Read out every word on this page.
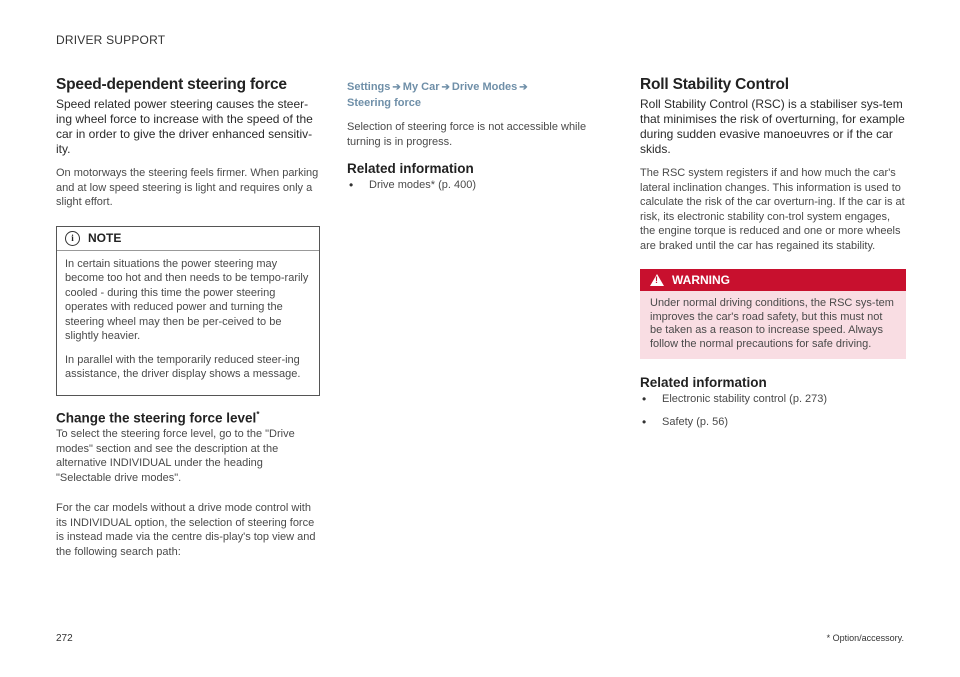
DRIVER SUPPORT
Speed-dependent steering force

Speed related power steering causes the steer-ing wheel force to increase with the speed of the car in order to give the driver enhanced sensitiv-ity.

On motorways the steering feels firmer. When parking and at low speed steering is light and requires only a slight effort.

i	NOTE

In certain situations the power steering may become too hot and then needs to be tempo-rarily cooled - during this time the power steering operates with reduced power and turning the steering wheel may then be per-ceived to be slightly heavier.

In parallel with the temporarily reduced steer-ing assistance, the driver display shows a message.

Change the steering force level*

To select the steering force level, go to the "Drive modes" section and see the description at the alternative INDIVIDUAL under the heading "Selectable drive modes".

For the car models without a drive mode control with its INDIVIDUAL option, the selection of steering force is instead made via the centre dis-play's top view and the following search path:

Settings ➔ My Car ➔ Drive Modes ➔
Steering force

Selection of steering force is not accessible while turning is in progress.

Related information
• Drive modes* (p. 400)
Roll Stability Control

Roll Stability Control (RSC) is a stabiliser sys-tem that minimises the risk of overturning, for example during sudden evasive manoeuvres or if the car skids.

The RSC system registers if and how much the car's lateral inclination changes. This information is used to calculate the risk of the car overturn-ing. If the car is at risk, its electronic stability con-trol system engages, the engine torque is reduced and one or more wheels are braked until the car has regained its stability.

! WARNING
Under normal driving conditions, the RSC sys-tem improves the car's road safety, but this must not be taken as a reason to increase speed. Always follow the normal precautions for safe driving.
Related information
• Electronic stability control (p. 273)
• Safety (p. 56)
272	* Option/accessory.
